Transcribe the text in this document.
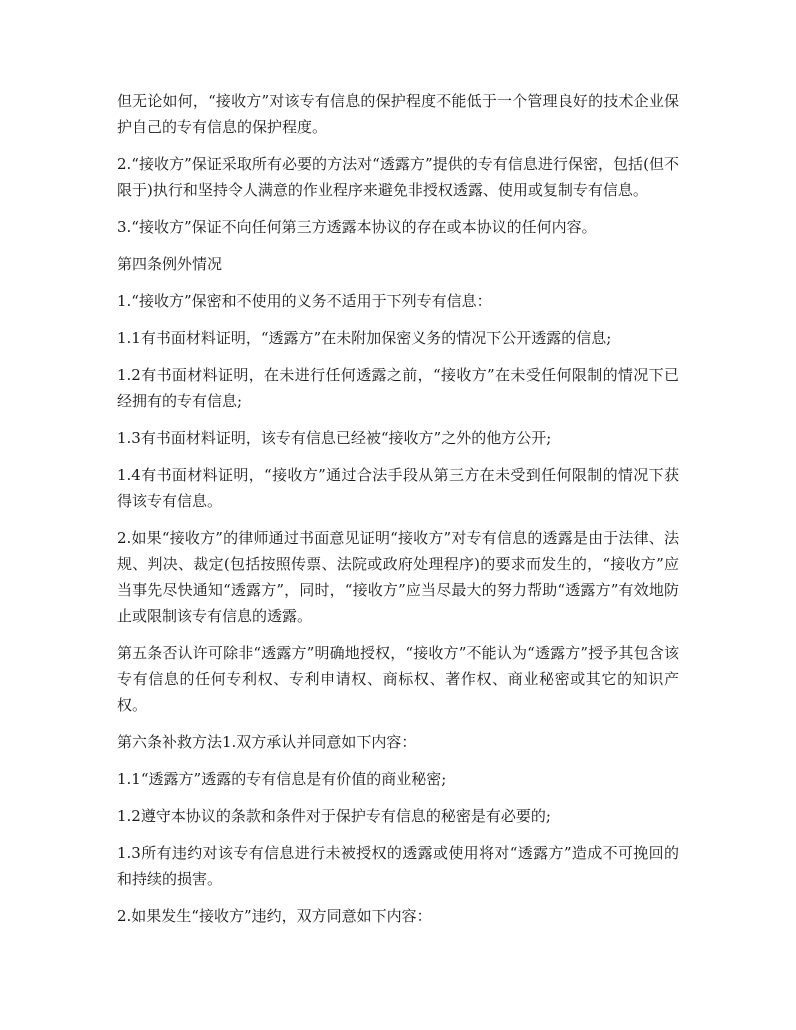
但无论如何，“接收方”对该专有信息的保护程度不能低于一个管理良好的技术企业保护自己的专有信息的保护程度。

2.“接收方”保证采取所有必要的方法对“透露方”提供的专有信息进行保密，包括(但不限于)执行和坚持令人满意的作业程序来避免非授权透露、使用或复制专有信息。

3.“接收方”保证不向任何第三方透露本协议的存在或本协议的任何内容。

第四条例外情况

1.“接收方”保密和不使用的义务不适用于下列专有信息：

1.1有书面材料证明，“透露方”在未附加保密义务的情况下公开透露的信息;

1.2有书面材料证明，在未进行任何透露之前，“接收方”在未受任何限制的情况下已经拥有的专有信息;

1.3有书面材料证明，该专有信息已经被“接收方”之外的他方公开;

1.4有书面材料证明，“接收方”通过合法手段从第三方在未受到任何限制的情况下获得该专有信息。

2.如果“接收方”的律师通过书面意见证明“接收方”对专有信息的透露是由于法律、法规、判决、裁定(包括按照传票、法院或政府处理程序)的要求而发生的，“接收方”应当事先尽快通知“透露方”，同时，“接收方”应当尽最大的努力帮助“透露方”有效地防止或限制该专有信息的透露。

第五条否认许可除非“透露方”明确地授权，“接收方”不能认为“透露方”授予其包含该专有信息的任何专利权、专利申请权、商标权、著作权、商业秘密或其它的知识产权。

第六条补救方法1.双方承认并同意如下内容：

1.1“透露方”透露的专有信息是有价值的商业秘密;

1.2遵守本协议的条款和条件对于保护专有信息的秘密是有必要的;

1.3所有违约对该专有信息进行未被授权的透露或使用将对“透露方”造成不可挽回的和持续的损害。

2.如果发生“接收方”违约，双方同意如下内容：
